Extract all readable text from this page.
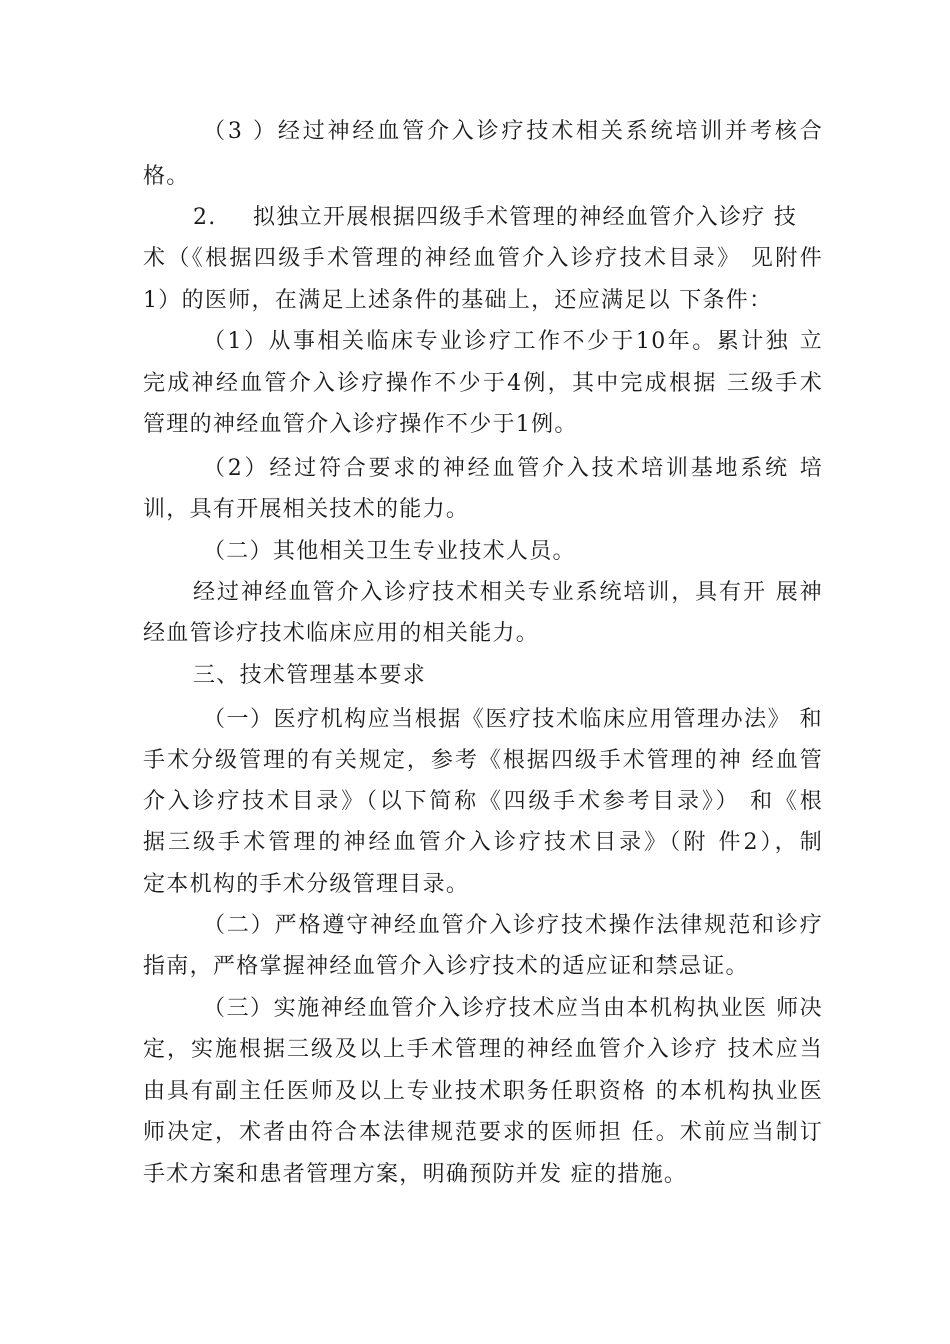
（3 ）经过神经血管介入诊疗技术相关系统培训并考核合
格。
2. 拟独立开展根据四级手术管理的神经血管介入诊疗 技
术（《根据四级手术管理的神经血管介入诊疗技术目录》 见附件
1）的医师，在满足上述条件的基础上，还应满足以 下条件：
（1）从事相关临床专业诊疗工作不少于10年。累计独 立
完成神经血管介入诊疗操作不少于4例，其中完成根据 三级手术
管理的神经血管介入诊疗操作不少于1例。
（2）经过符合要求的神经血管介入技术培训基地系统 培
训，具有开展相关技术的能力。
（二）其他相关卫生专业技术人员。
经过神经血管介入诊疗技术相关专业系统培训，具有开 展神
经血管诊疗技术临床应用的相关能力。
三、技术管理基本要求
（一）医疗机构应当根据《医疗技术临床应用管理办法》 和
手术分级管理的有关规定，参考《根据四级手术管理的神 经血管
介入诊疗技术目录》（以下简称《四级手术参考目录》） 和《根
据三级手术管理的神经血管介入诊疗技术目录》（附 件2），制
定本机构的手术分级管理目录。
（二）严格遵守神经血管介入诊疗技术操作法律规范和诊疗
指南，严格掌握神经血管介入诊疗技术的适应证和禁忌证。
（三）实施神经血管介入诊疗技术应当由本机构执业医 师决
定，实施根据三级及以上手术管理的神经血管介入诊疗 技术应当
由具有副主任医师及以上专业技术职务任职资格 的本机构执业医
师决定，术者由符合本法律规范要求的医师担 任。术前应当制订
手术方案和患者管理方案，明确预防并发 症的措施。
